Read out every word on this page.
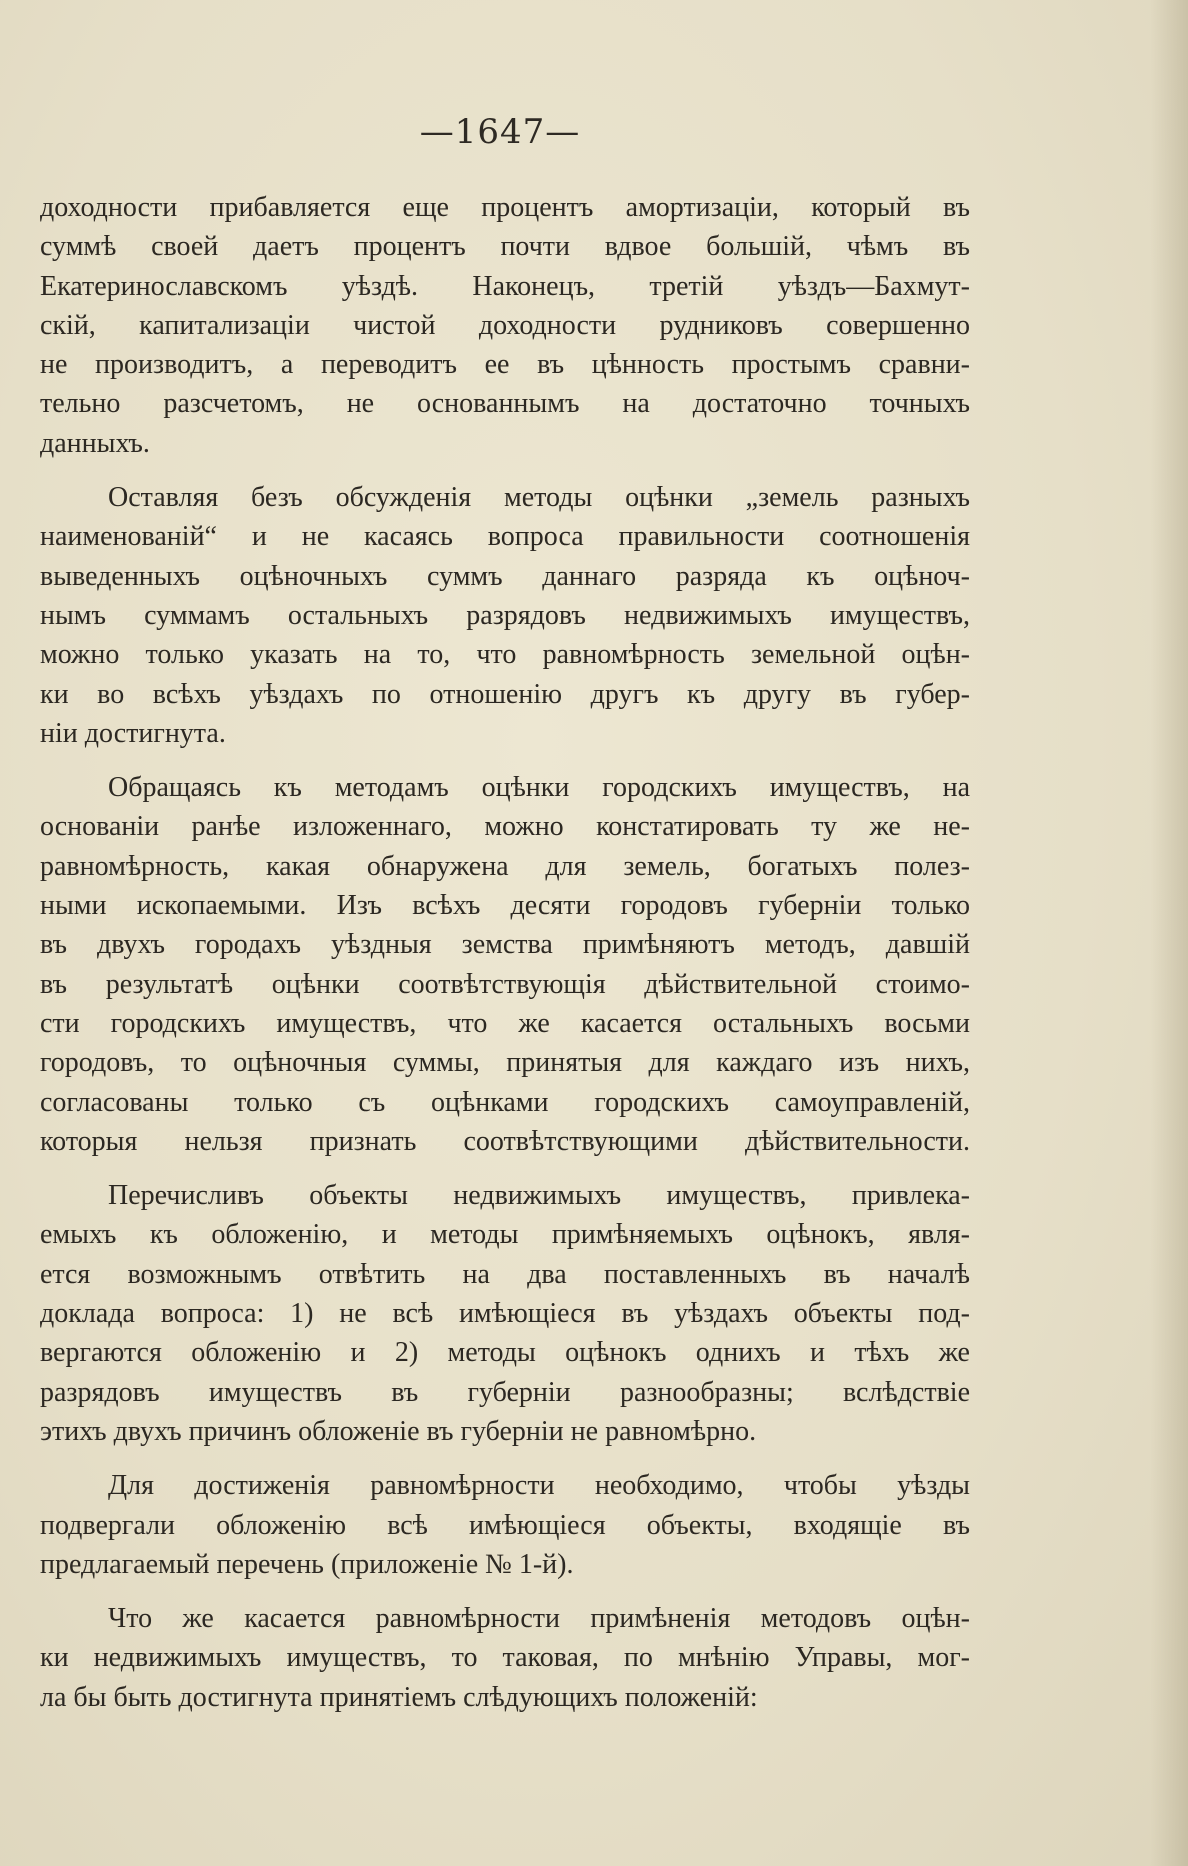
—1647—

доходности прибавляется еще процентъ амортизаціи, который въ
суммѣ своей даетъ процентъ почти вдвое большій, чѣмъ въ
Екатеринославскомъ уѣздѣ. Наконецъ, третій уѣздъ—Бахмут-
скій, капитализаціи чистой доходности рудниковъ совершенно
не производитъ, а переводитъ ее въ цѣнность простымъ сравни-
тельно разсчетомъ, не основаннымъ на достаточно точныхъ
данныхъ.

Оставляя безъ обсужденія методы оцѣнки „земель разныхъ
наименованій“ и не касаясь вопроса правильности соотношенія
выведенныхъ оцѣночныхъ суммъ даннаго разряда къ оцѣноч-
нымъ суммамъ остальныхъ разрядовъ недвижимыхъ имуществъ,
можно только указать на то, что равномѣрность земельной оцѣн-
ки во всѣхъ уѣздахъ по отношенію другъ къ другу въ губер-
ніи достигнута.

Обращаясь къ методамъ оцѣнки городскихъ имуществъ, на
основаніи ранѣе изложеннаго, можно констатировать ту же не-
равномѣрность, какая обнаружена для земель, богатыхъ полез-
ными ископаемыми. Изъ всѣхъ десяти городовъ губерніи только
въ двухъ городахъ уѣздныя земства примѣняютъ методъ, давшій
въ результатѣ оцѣнки соотвѣтствующія дѣйствительной стоимо-
сти городскихъ имуществъ, что же касается остальныхъ восьми
городовъ, то оцѣночныя суммы, принятыя для каждаго изъ нихъ,
согласованы только съ оцѣнками городскихъ самоуправленій,
которыя нельзя признать соотвѣтствующими дѣйствительности.

Перечисливъ объекты недвижимыхъ имуществъ, привлека-
емыхъ къ обложенію, и методы примѣняемыхъ оцѣнокъ, явля-
ется возможнымъ отвѣтить на два поставленныхъ въ началѣ
доклада вопроса: 1) не всѣ имѣющіеся въ уѣздахъ объекты под-
вергаются обложенію и 2) методы оцѣнокъ однихъ и тѣхъ же
разрядовъ имуществъ въ губерніи разнообразны; вслѣдствіе
этихъ двухъ причинъ обложеніе въ губерніи не равномѣрно.

Для достиженія равномѣрности необходимо, чтобы уѣзды
подвергали обложенію всѣ имѣющіеся объекты, входящіе въ
предлагаемый перечень (приложеніе № 1-й).

Что же касается равномѣрности примѣненія методовъ оцѣн-
ки недвижимыхъ имуществъ, то таковая, по мнѣнію Управы, мог-
ла бы быть достигнута принятіемъ слѣдующихъ положеній:
